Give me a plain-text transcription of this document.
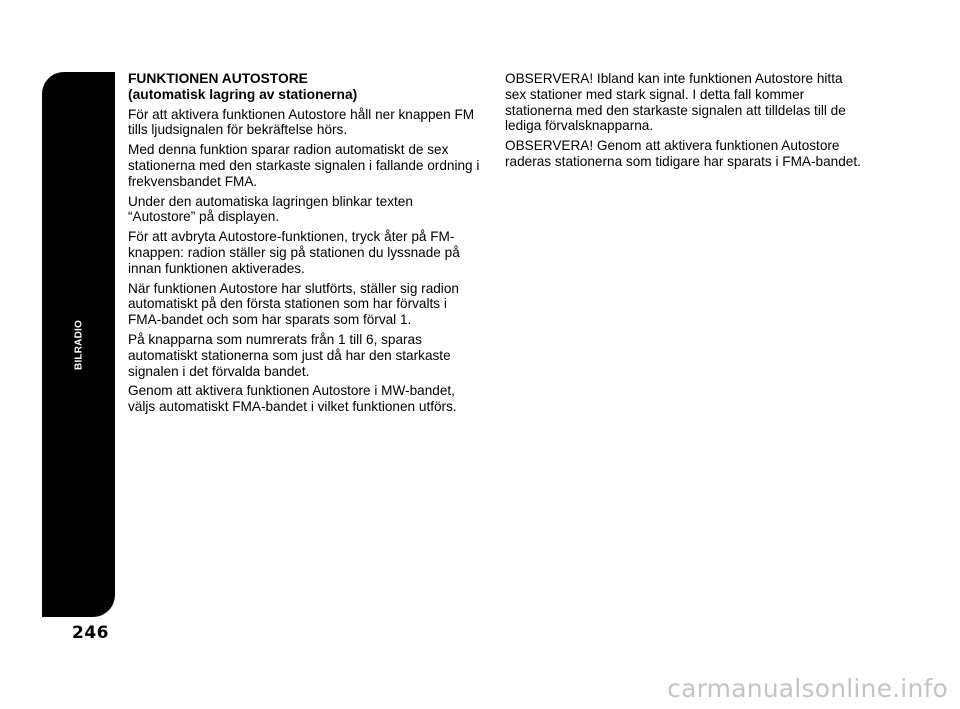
BILRADIO
246
FUNKTIONEN AUTOSTORE
(automatisk lagring av stationerna)

För att aktivera funktionen Autostore håll ner knappen FM tills ljudsignalen för bekräftelse hörs.

Med denna funktion sparar radion automatiskt de sex stationerna med den starkaste signalen i fallande ordning i frekvensbandet FMA.

Under den automatiska lagringen blinkar texten “Autostore” på displayen.

För att avbryta Autostore-funktionen, tryck åter på FM-knappen: radion ställer sig på stationen du lyssnade på innan funktionen aktiverades.

När funktionen Autostore har slutförts, ställer sig radion automatiskt på den första stationen som har förvalts i FMA-bandet och som har sparats som förval 1.

På knapparna som numrerats från 1 till 6, sparas automatiskt stationerna som just då har den starkaste signalen i det förvalda bandet.

Genom att aktivera funktionen Autostore i MW-bandet, väljs automatiskt FMA-bandet i vilket funktionen utförs.

OBSERVERA! Ibland kan inte funktionen Autostore hitta sex stationer med stark signal. I detta fall kommer stationerna med den starkaste signalen att tilldelas till de lediga förvalsknapparna.

OBSERVERA! Genom att aktivera funktionen Autostore raderas stationerna som tidigare har sparats i FMA-bandet.

carmanualsonline.info
